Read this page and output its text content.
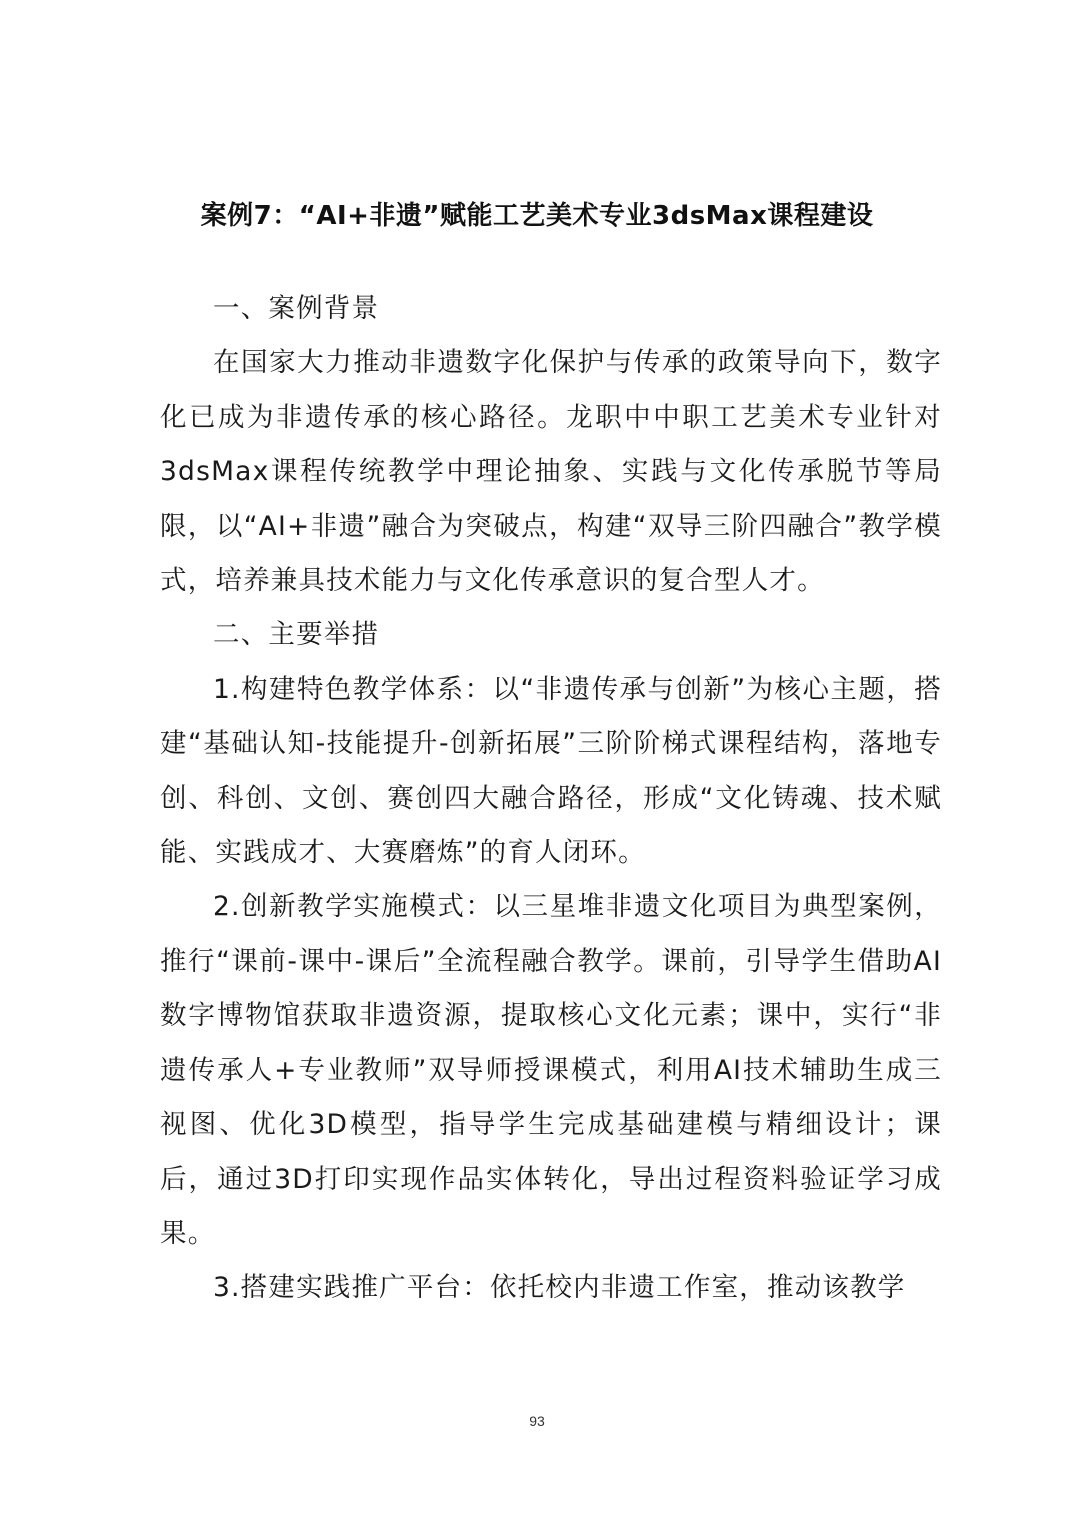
案例7：“AI+非遗”赋能工艺美术专业3dsMax课程建设

一、案例背景

在国家大力推动非遗数字化保护与传承的政策导向下，数字化已成为非遗传承的核心路径。龙职中中职工艺美术专业针对3dsMax课程传统教学中理论抽象、实践与文化传承脱节等局限，以“AI+非遗”融合为突破点，构建“双导三阶四融合”教学模式，培养兼具技术能力与文化传承意识的复合型人才。

二、主要举措

1.构建特色教学体系：以“非遗传承与创新”为核心主题，搭建“基础认知-技能提升-创新拓展”三阶阶梯式课程结构，落地专创、科创、文创、赛创四大融合路径，形成“文化铸魂、技术赋能、实践成才、大赛磨炼”的育人闭环。

2.创新教学实施模式：以三星堆非遗文化项目为典型案例，推行“课前-课中-课后”全流程融合教学。课前，引导学生借助AI数字博物馆获取非遗资源，提取核心文化元素；课中，实行“非遗传承人+专业教师”双导师授课模式，利用AI技术辅助生成三视图、优化3D模型，指导学生完成基础建模与精细设计；课后，通过3D打印实现作品实体转化，导出过程资料验证学习成果。

3.搭建实践推广平台：依托校内非遗工作室，推动该教学

93
